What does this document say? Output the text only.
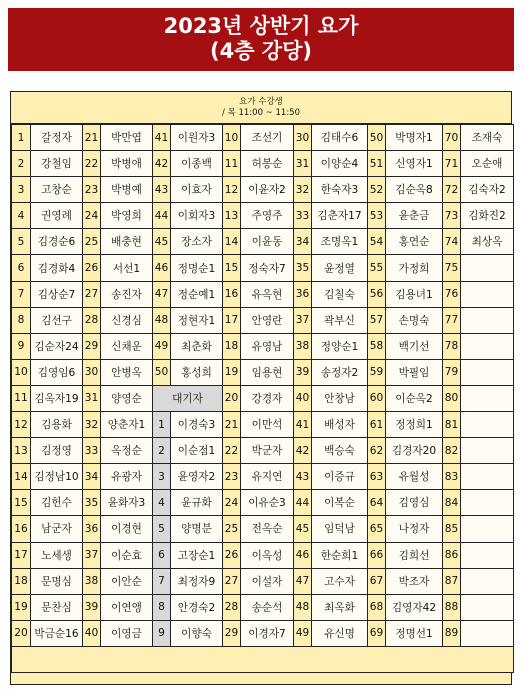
2023년 상반기 요가
(4층 강당)
요가 수강생
/ 목 11:00 ~ 11:50
1	갈정자	21	박만엽	41	이원자3	10	조선기	30	김태수6	50	박명자1	70	조재숙
2	강철임	22	박병애	42	이종백	11	허봉순	31	이양순4	51	신영자1	71	오순애
3	고창순	23	박병예	43	이효자	12	이윤자2	32	한숙자3	52	김순옥8	72	김숙자2
4	권영례	24	박영희	44	이회자3	13	주영주	33	김춘자17	53	윤춘금	73	김화진2
5	김경순6	25	배충현	45	장소자	14	이윤동	34	조명옥1	54	홍연순	74	최상옥
6	김경화4	26	서선1	46	정명순1	15	정숙자7	35	윤정열	55	가정희	75	
7	김상순7	27	송진자	47	정순예1	16	유옥현	36	김칠숙	56	김용녀1	76	
8	김선구	28	신경심	48	정현자1	17	안영란	37	곽부신	57	손명숙	77	
9	김순자24	29	신채운	49	최춘화	18	유영남	38	정양순1	58	백기선	78	
10	김영임6	30	안병옥	50	홍성희	19	임용현	39	송정자2	59	박필임	79	
11	김옥자19	31	양영순	대기자		20	강경자	40	안창남	60	이순옥2	80	
12	김용화	32	양춘자1	1	이경숙3	21	이만석	41	배성자	61	정정희1	81	
13	김정영	33	옥정순	2	이순점1	22	박군자	42	백승숙	62	김경자20	82	
14	김정남10	34	유광자	3	윤영자2	23	유지연	43	이증규	63	유월성	83	
15	김헌수	35	윤화자3	4	윤규화	24	이유순3	44	이복순	64	김영심	84	
16	남군자	36	이경현	5	양명분	25	전옥순	45	임덕남	65	나정자	85	
17	노세생	37	이순효	6	고장순1	26	이옥성	46	한순희1	66	김희선	86	
18	문명심	38	이안순	7	최정자9	27	이설자	47	고수자	67	박조자	87	
19	문찬심	39	이연앵	8	안경숙2	28	송순석	48	최옥화	68	김영자42	88	
20	박금순16	40	이영금	9	이향숙	29	이경자7	49	유신명	69	정명선1	89	
